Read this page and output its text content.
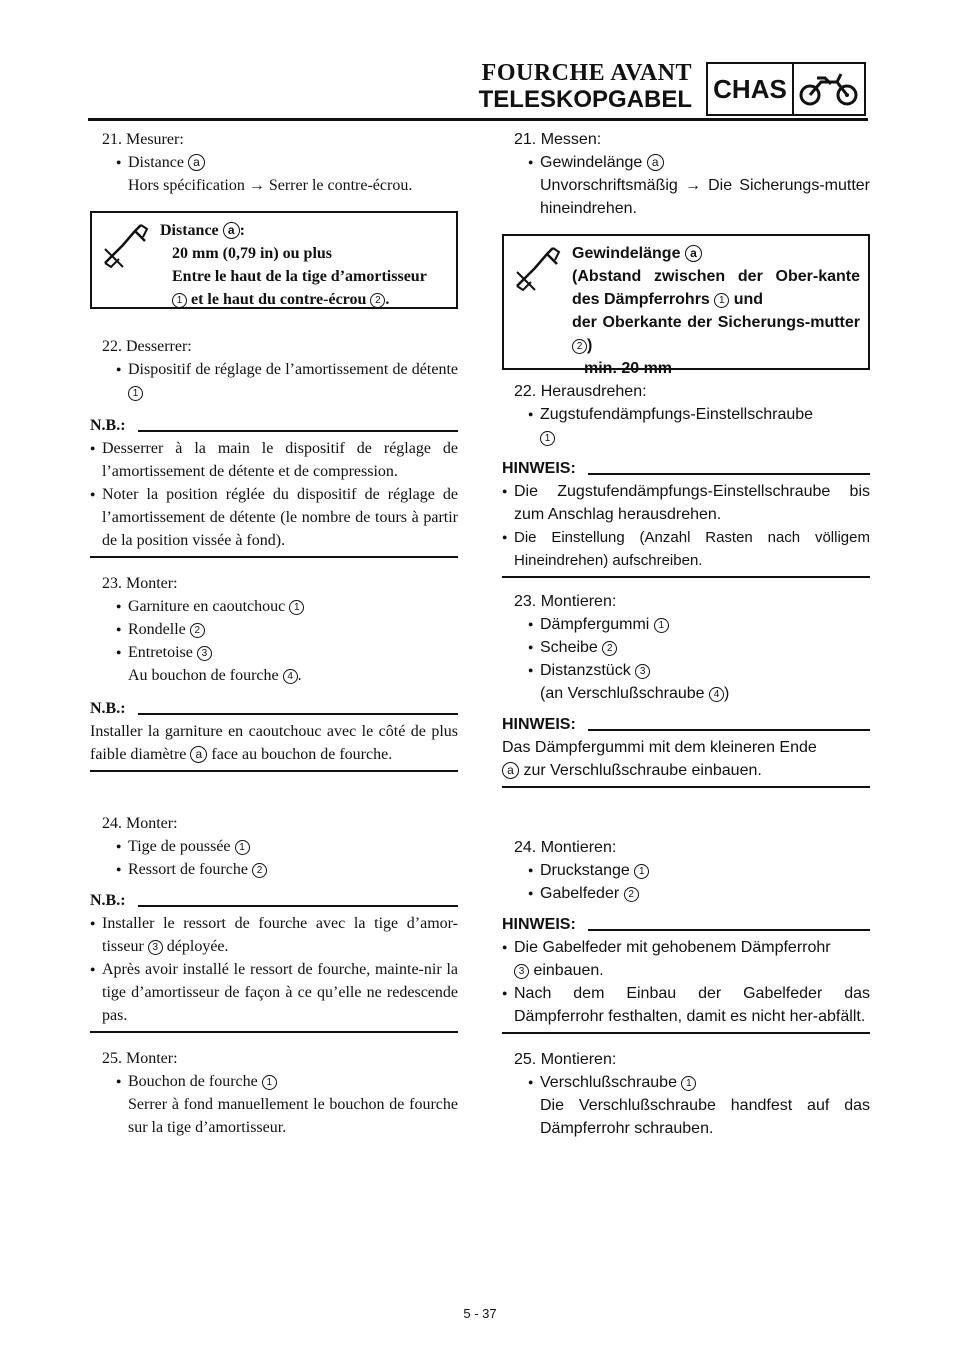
FOURCHE AVANT
TELESKOPGABEL CHAS
21. Mesurer:
● Distance a
Hors spécification → Serrer le contre-écrou.
Distance a :
20 mm (0,79 in) ou plus
Entre le haut de la tige d’amortisseur
1 et le haut du contre-écrou 2 .
22. Desserrer:
● Dispositif de réglage de l’amortissement de détente 1
N.B.:
● Desserrer à la main le dispositif de réglage de l’amortissement de détente et de compression.
● Noter la position réglée du dispositif de réglage de l’amortissement de détente (le nombre de tours à partir de la position vissée à fond).
23. Monter:
● Garniture en caoutchouc 1
● Rondelle 2
● Entretoise 3
Au bouchon de fourche 4 .
N.B.:
Installer la garniture en caoutchouc avec le côté de plus faible diamètre a face au bouchon de fourche.
24. Monter:
● Tige de poussée 1
● Ressort de fourche 2
N.B.:
● Installer le ressort de fourche avec la tige d’amor-tisseur 3 déployée.
● Après avoir installé le ressort de fourche, mainte-nir la tige d’amortisseur de façon à ce qu’elle ne redescende pas.
25. Monter:
● Bouchon de fourche 1
Serrer à fond manuellement le bouchon de fourche sur la tige d’amortisseur.
21. Messen:
● Gewindelänge a
Unvorschriftsmäßig → Die Sicherungs-mutter hineindrehen.
Gewindelänge a
(Abstand zwischen der Ober-kante des Dämpferrohrs 1 und
der Oberkante der Sicherungs-mutter 2 )
min. 20 mm
22. Herausdrehen:
● Zugstufendämpfungs-Einstellschraube
1
HINWEIS:
● Die Zugstufendämpfungs-Einstellschraube bis zum Anschlag herausdrehen.
● Die Einstellung (Anzahl Rasten nach völligem Hineindrehen) aufschreiben.
23. Montieren:
● Dämpfergummi 1
● Scheibe 2
● Distanzstück 3
(an Verschlußschraube 4 )
HINWEIS:
Das Dämpfergummi mit dem kleineren Ende
a zur Verschlußschraube einbauen.
24. Montieren:
● Druckstange 1
● Gabelfeder 2
HINWEIS:
● Die Gabelfeder mit gehobenem Dämpferrohr
3 einbauen.
● Nach dem Einbau der Gabelfeder das Dämpferrohr festhalten, damit es nicht her-abfällt.
25. Montieren:
● Verschlußschraube 1
Die Verschlußschraube handfest auf das Dämpferrohr schrauben.
5 - 37
